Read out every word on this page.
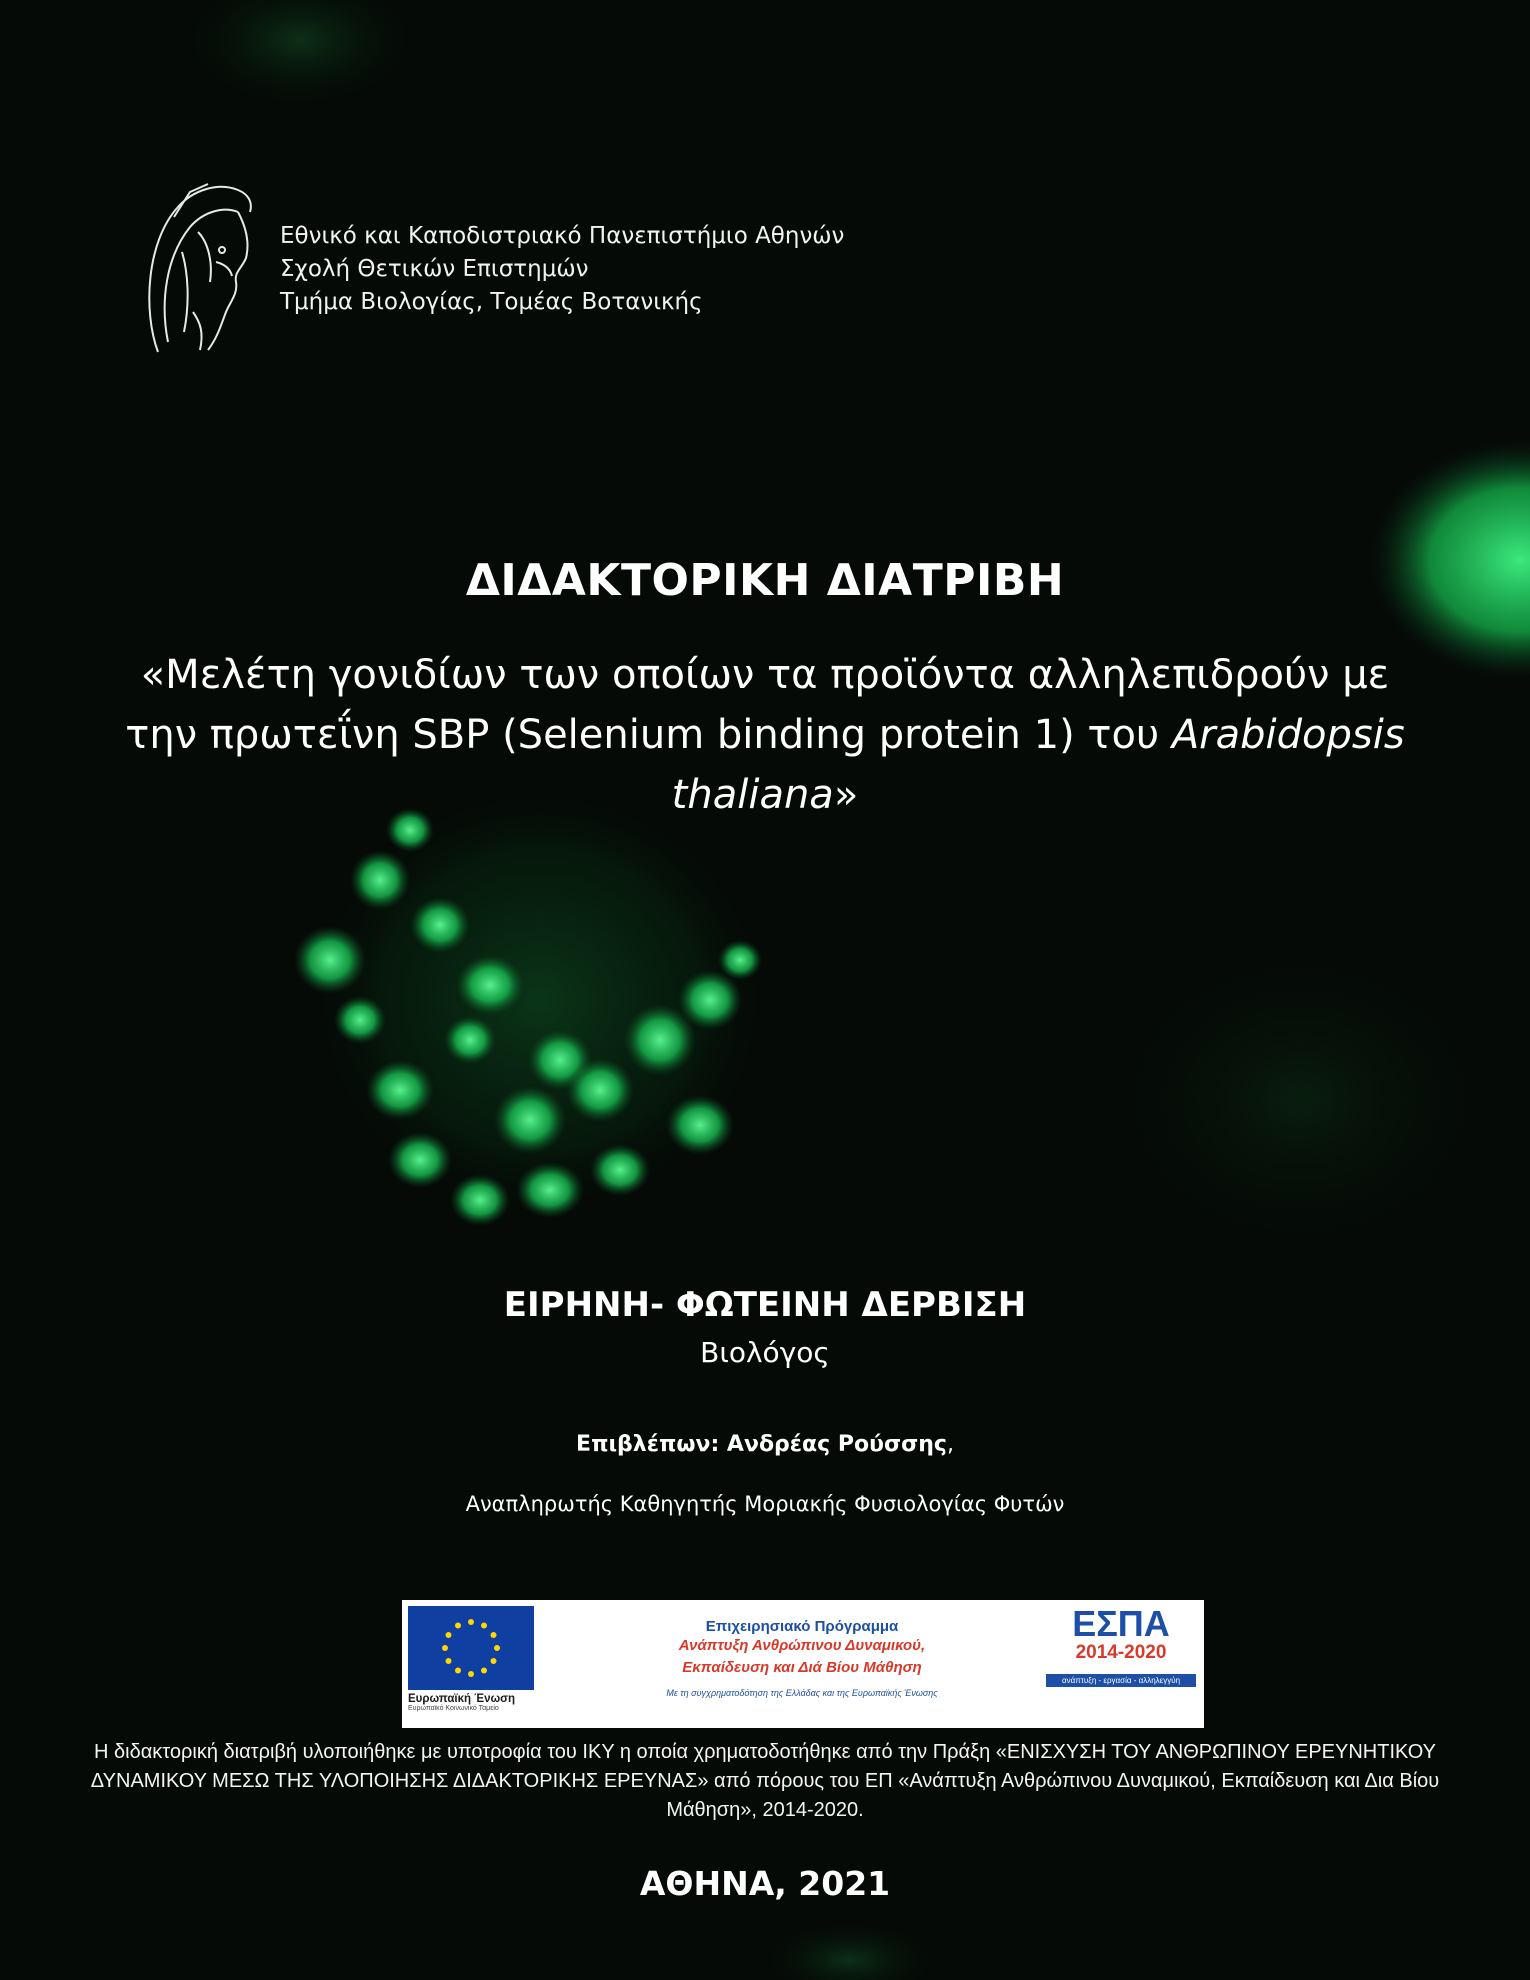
Εθνικό και Καποδιστριακό Πανεπιστήμιο Αθηνών
Σχολή Θετικών Επιστημών
Τμήμα Βιολογίας, Τομέας Βοτανικής
ΔΙΔΑΚΤΟΡΙΚΗ ΔΙΑΤΡΙΒΗ
«Μελέτη γονιδίων των οποίων τα προϊόντα αλληλεπιδρούν με την πρωτεΐνη SBP (Selenium binding protein 1) του Arabidopsis thaliana»
ΕΙΡΗΝΗ- ΦΩΤΕΙΝΗ ΔΕΡΒΙΣΗ
Βιολόγος
Επιβλέπων: Ανδρέας Ρούσσης,
Αναπληρωτής Καθηγητής Μοριακής Φυσιολογίας Φυτών
Ευρωπαϊκή Ένωση
Ευρωπαϊκό Κοινωνικό Ταμείο
Επιχειρησιακό Πρόγραμμα
Ανάπτυξη Ανθρώπινου Δυναμικού,
Εκπαίδευση και Διά Βίου Μάθηση
Με τη συγχρηματοδότηση της Ελλάδας και της Ευρωπαϊκής Ένωσης
ΕΣΠΑ
2014-2020
ανάπτυξη - εργασία - αλληλεγγύη
Η διδακτορική διατριβή υλοποιήθηκε με υποτροφία του ΙΚΥ η οποία χρηματοδοτήθηκε από την Πράξη «ΕΝΙΣΧΥΣΗ ΤΟΥ ΑΝΘΡΩΠΙΝΟΥ ΕΡΕΥΝΗΤΙΚΟΥ ΔΥΝΑΜΙΚΟΥ ΜΕΣΩ ΤΗΣ ΥΛΟΠΟΙΗΣΗΣ ΔΙΔΑΚΤΟΡΙΚΗΣ ΕΡΕΥΝΑΣ» από πόρους του ΕΠ «Ανάπτυξη Ανθρώπινου Δυναμικού, Εκπαίδευση και Δια Βίου Μάθηση», 2014-2020.
ΑΘΗΝΑ, 2021
